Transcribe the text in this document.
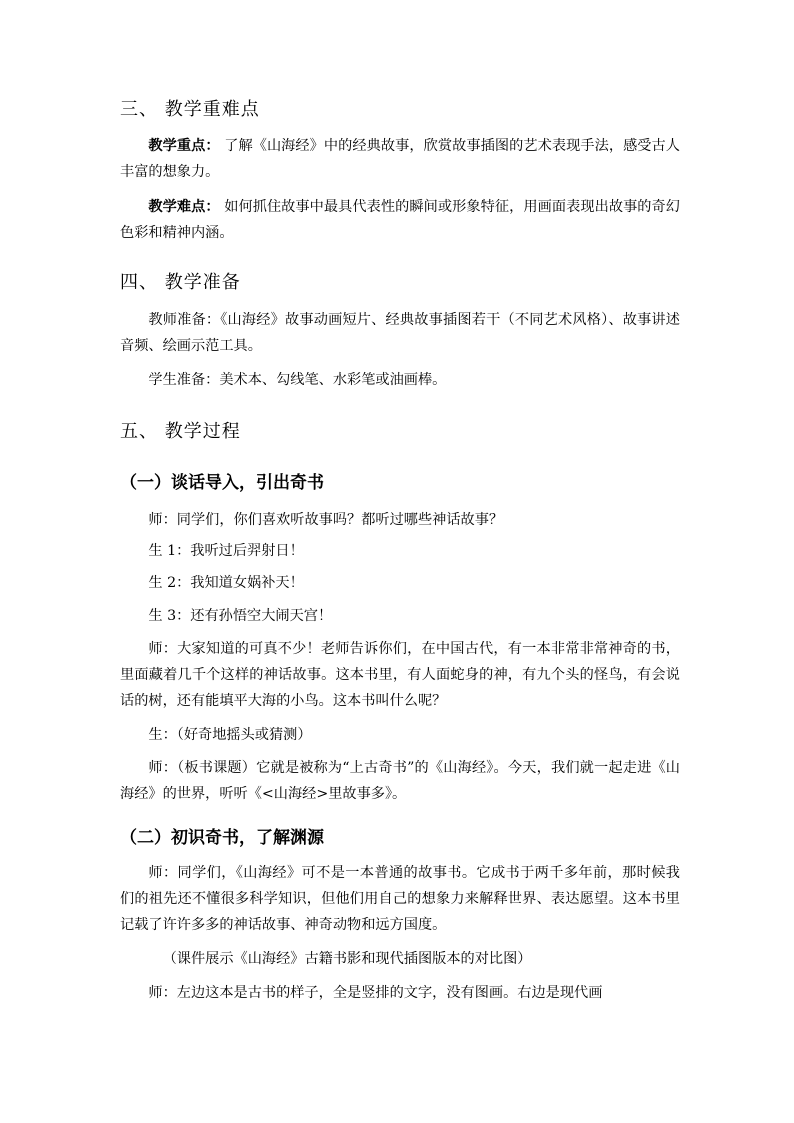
三、 教学重难点
教学重点： 了解《山海经》中的经典故事，欣赏故事插图的艺术表现手法，感受古人丰富的想象力。
教学难点： 如何抓住故事中最具代表性的瞬间或形象特征，用画面表现出故事的奇幻色彩和精神内涵。
四、 教学准备
教师准备：《山海经》故事动画短片、经典故事插图若干（不同艺术风格）、故事讲述音频、绘画示范工具。
学生准备：美术本、勾线笔、水彩笔或油画棒。
五、 教学过程
（一）谈话导入，引出奇书
师：同学们，你们喜欢听故事吗？都听过哪些神话故事？
生 1：我听过后羿射日！
生 2：我知道女娲补天！
生 3：还有孙悟空大闹天宫！
师：大家知道的可真不少！老师告诉你们，在中国古代，有一本非常非常神奇的书，里面藏着几千个这样的神话故事。这本书里，有人面蛇身的神，有九个头的怪鸟，有会说话的树，还有能填平大海的小鸟。这本书叫什么呢？
生：（好奇地摇头或猜测）
师：（板书课题）它就是被称为“上古奇书”的《山海经》。今天，我们就一起走进《山海经》的世界，听听《<山海经>里故事多》。
（二）初识奇书，了解渊源
师：同学们，《山海经》可不是一本普通的故事书。它成书于两千多年前，那时候我们的祖先还不懂很多科学知识，但他们用自己的想象力来解释世界、表达愿望。这本书里记载了许许多多的神话故事、神奇动物和远方国度。
（课件展示《山海经》古籍书影和现代插图版本的对比图）
师：左边这本是古书的样子，全是竖排的文字，没有图画。右边是现代画
